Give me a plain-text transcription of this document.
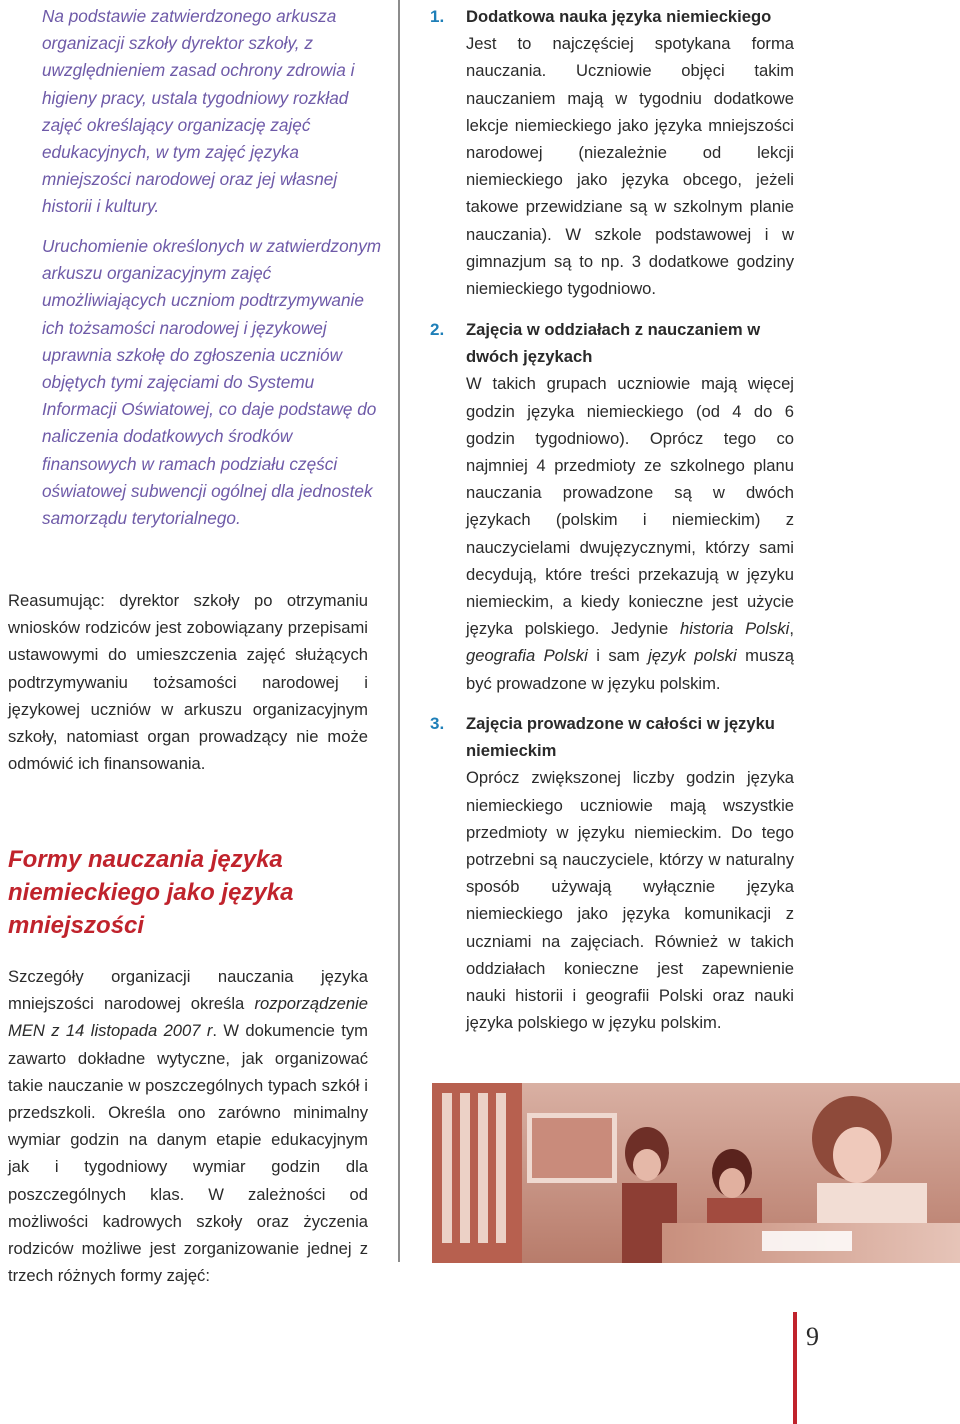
Na podstawie zatwierdzonego arkusza organizacji szkoły dyrektor szkoły, z uwzględnieniem zasad ochrony zdrowia i higieny pracy, ustala tygodniowy rozkład zajęć określający organizację zajęć edukacyjnych, w tym zajęć języka mniejszości narodowej oraz jej własnej historii i kultury.

Uruchomienie określonych w zatwierdzonym arkuszu organizacyjnym zajęć umożliwiających uczniom podtrzymywanie ich tożsamości narodowej i językowej uprawnia szkołę do zgłoszenia uczniów objętych tymi zajęciami do Systemu Informacji Oświatowej, co daje podstawę do naliczenia dodatkowych środków finansowych w ramach podziału części oświatowej subwencji ogólnej dla jednostek samorządu terytorialnego.

Reasumując: dyrektor szkoły po otrzymaniu wniosków rodziców jest zobowiązany przepisami ustawowymi do umieszczenia zajęć służących podtrzymywaniu tożsamości narodowej i językowej uczniów w arkuszu organizacyjnym szkoły, natomiast organ prowadzący nie może odmówić ich finansowania.

Formy nauczania języka niemieckiego jako języka mniejszości

Szczegóły organizacji nauczania języka mniejszości narodowej określa rozporządzenie MEN z 14 listopada 2007 r. W dokumencie tym zawarto dokładne wytyczne, jak organizować takie nauczanie w poszczególnych typach szkół i przedszkoli. Określa ono zarówno minimalny wymiar godzin na danym etapie edukacyjnym jak i tygodniowy wymiar godzin dla poszczególnych klas. W zależności od możliwości kadrowych szkoły oraz życzenia rodziców możliwe jest zorganizowanie jednej z trzech różnych formy zajęć:

1. Dodatkowa nauka języka niemieckiego

Jest to najczęściej spotykana forma nauczania. Uczniowie objęci takim nauczaniem mają w tygodniu dodatkowe lekcje niemieckiego jako języka mniejszości narodowej (niezależnie od lekcji niemieckiego jako języka obcego, jeżeli takowe przewidziane są w szkolnym planie nauczania). W szkole podstawowej i w gimnazjum są to np. 3 dodatkowe godziny niemieckiego tygodniowo.

2. Zajęcia w oddziałach z nauczaniem w dwóch językach

W takich grupach uczniowie mają więcej godzin języka niemieckiego (od 4 do 6 godzin tygodniowo). Oprócz tego co najmniej 4 przedmioty ze szkolnego planu nauczania prowadzone są w dwóch językach (polskim i niemieckim) z nauczycielami dwujęzycznymi, którzy sami decydują, które treści przekazują w języku niemieckim, a kiedy konieczne jest użycie języka polskiego. Jedynie historia Polski, geografia Polski i sam język polski muszą być prowadzone w języku polskim.

3. Zajęcia prowadzone w całości w języku niemieckim

Oprócz zwiększonej liczby godzin języka niemieckiego uczniowie mają wszystkie przedmioty w języku niemieckim. Do tego potrzebni są nauczyciele, którzy w naturalny sposób używają wyłącznie języka niemieckiego jako języka komunikacji z uczniami na zajęciach. Również w takich oddziałach konieczne jest zapewnienie nauki historii i geografii Polski oraz nauki języka polskiego w języku polskim.

9
